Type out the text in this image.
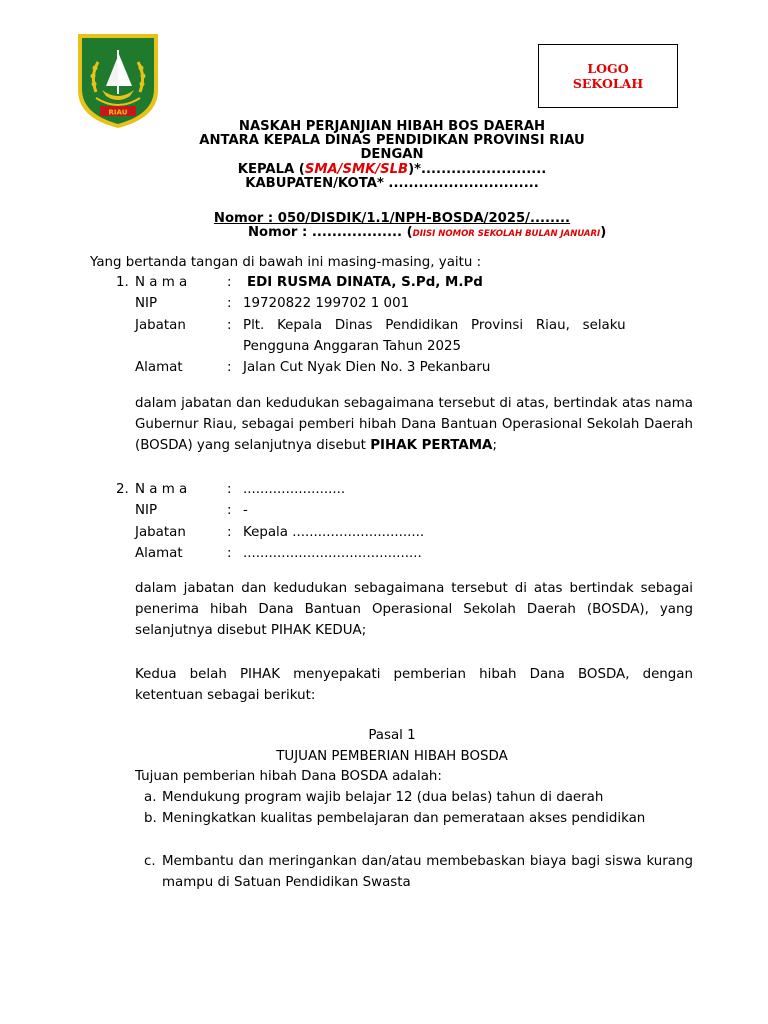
RIAU
LOGO
SEKOLAH
NASKAH PERJANJIAN HIBAH BOS DAERAH
ANTARA KEPALA DINAS PENDIDIKAN PROVINSI RIAU
DENGAN
KEPALA (SMA/SMK/SLB)*.........................
KABUPATEN/KOTA* ..............................
Nomor : 050/DISDIK/1.1/NPH-BOSDA/2025/........
Nomor : .................. (DIISI NOMOR SEKOLAH BULAN JANUARI)
Yang bertanda tangan di bawah ini masing-masing, yaitu :
1. N a m a	: EDI RUSMA DINATA, S.Pd, M.Pd
NIP	: 19720822 199702 1 001
Jabatan	: Plt.   Kepala   Dinas   Pendidikan   Provinsi   Riau,   selaku
Pengguna Anggaran Tahun 2025
Alamat	: Jalan Cut Nyak Dien No. 3 Pekanbaru
dalam jabatan dan kedudukan sebagaimana tersebut di atas, bertindak atas nama Gubernur Riau, sebagai pemberi hibah Dana Bantuan Operasional Sekolah Daerah (BOSDA) yang selanjutnya disebut PIHAK PERTAMA;
2. N a m a	: ........................
NIP	: -
Jabatan	: Kepala ...............................
Alamat	: ..........................................
dalam jabatan dan kedudukan sebagaimana tersebut di atas bertindak sebagai penerima hibah Dana Bantuan Operasional Sekolah Daerah (BOSDA), yang selanjutnya disebut PIHAK KEDUA;
Kedua belah PIHAK menyepakati pemberian hibah Dana BOSDA, dengan ketentuan sebagai berikut:
Pasal 1
TUJUAN PEMBERIAN HIBAH BOSDA
Tujuan pemberian hibah Dana BOSDA adalah:
a. Mendukung program wajib belajar 12 (dua belas) tahun di daerah
b. Meningkatkan kualitas pembelajaran dan pemerataan akses pendidikan
c. Membantu dan meringankan dan/atau membebaskan biaya bagi siswa kurang mampu di Satuan Pendidikan Swasta
